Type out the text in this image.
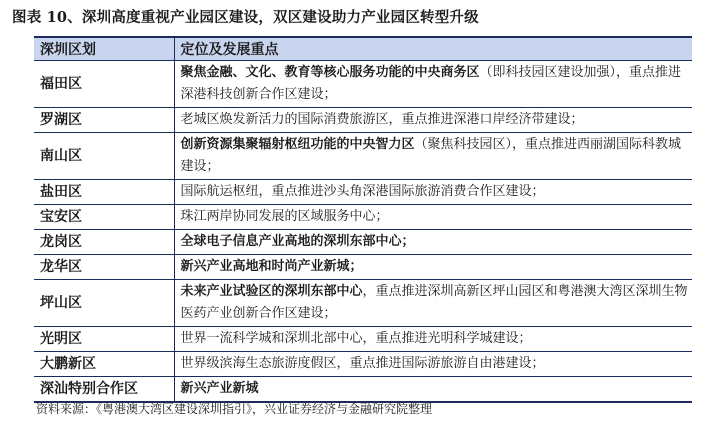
图表 10、深圳高度重视产业园区建设，双区建设助力产业园区转型升级
深圳区划	定位及发展重点
福田区	聚焦金融、文化、教育等核心服务功能的中央商务区（即科技园区建设加强），重点推进深港科技创新合作区建设；
罗湖区	老城区焕发新活力的国际消费旅游区，重点推进深港口岸经济带建设；
南山区	创新资源集聚辐射枢纽功能的中央智力区（聚焦科技园区），重点推进西丽湖国际科教城建设；
盐田区	国际航运枢纽，重点推进沙头角深港国际旅游消费合作区建设；
宝安区	珠江两岸协同发展的区域服务中心；
龙岗区	全球电子信息产业高地的深圳东部中心；
龙华区	新兴产业高地和时尚产业新城；
坪山区	未来产业试验区的深圳东部中心，重点推进深圳高新区坪山园区和粤港澳大湾区深圳生物医药产业创新合作区建设；
光明区	世界一流科学城和深圳北部中心，重点推进光明科学城建设；
大鹏新区	世界级滨海生态旅游度假区，重点推进国际游旅游自由港建设；
深汕特别合作区	新兴产业新城
资料来源：《粤港澳大湾区建设深圳指引》，兴业证券经济与金融研究院整理
